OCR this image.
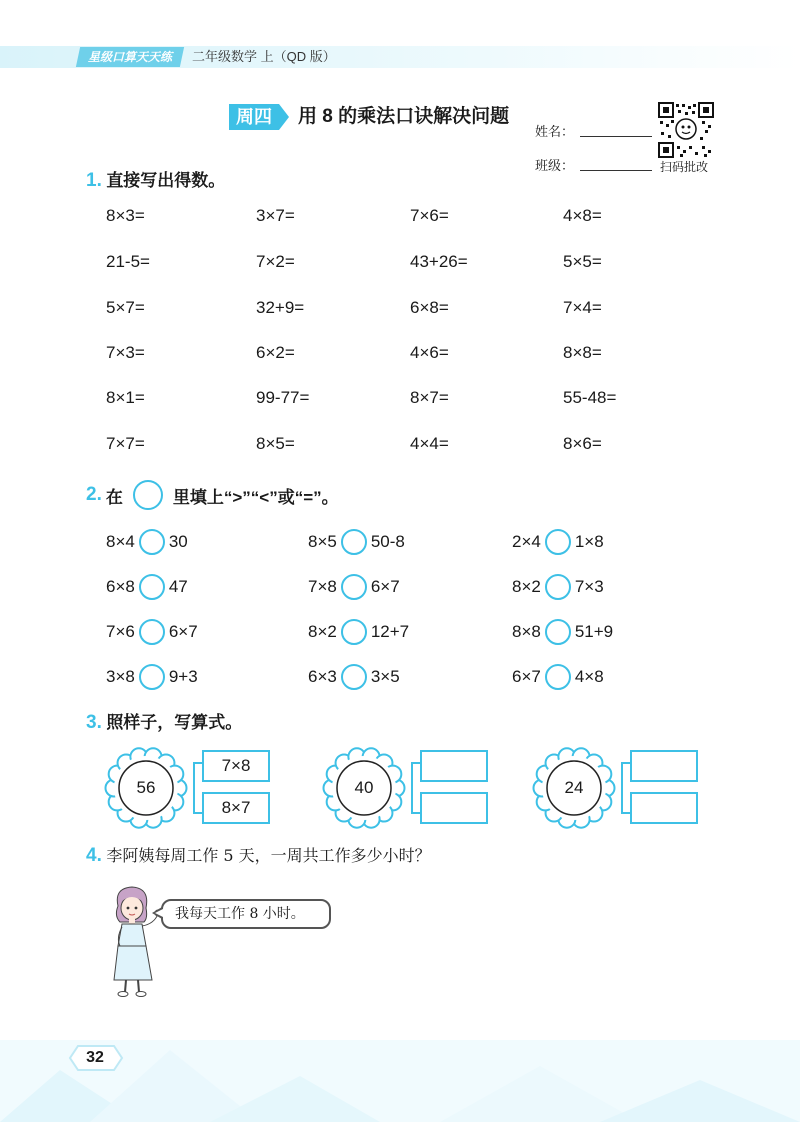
星级口算天天练	二年级数学 上（QD 版）
周四	用 8 的乘法口诀解决问题
姓名：
班级：	扫码批改
1. 直接写出得数。
8×3=	3×7=	7×6=	4×8=
21-5=	7×2=	43+26=	5×5=
5×7=	32+9=	6×8=	7×4=
7×3=	6×2=	4×6=	8×8=
8×1=	99-77=	8×7=	55-48=
7×7=	8×5=	4×4=	8×6=
2. 在	里填上“>”“<”或“=”。
8×4 30	8×5 50-8	2×4 1×8
6×8 47	7×8 6×7	8×2 7×3
7×6 6×7	8×2 12+7	8×8 51+9
3×8 9+3	6×3 3×5	6×7 4×8
3. 照样子，写算式。
56
7×8
8×7
40	24
4. 李阿姨每周工作 5 天，一周共工作多少小时？
我每天工作 8 小时。
32
